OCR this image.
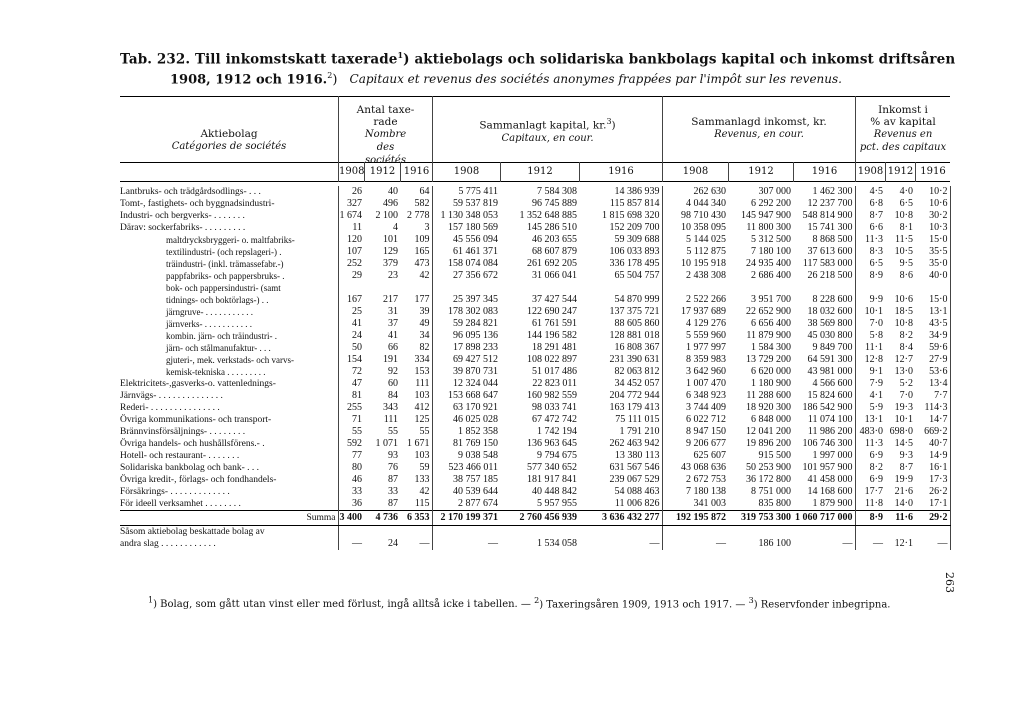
Tab. 232. Till inkomstskatt taxerade$^1$) aktiebolags och solidariska bankbolags kapital och inkomst driftsåren
1908, 1912 och 1916.$^2$) Capitaux et revenus des sociétés anonymes frappées par l'impôt sur les revenus.
Aktiebolag
Catégories de sociétés
Antal taxe-rade
Nombre des sociétés
Sammanlagt kapital, kr.$^3$)
Capitaux, en cour.
Sammanlagd inkomst, kr.
Revenus, en cour.
Inkomst i
% av kapital
Revenus en
pct. des capitaux
1908 1912 1916	1908	1912	1916	1908	1912	1916	1908 1912 1916
Lantbruks- och trädgårdsodlings- . . .	26	40	64	5 775 411	7 584 308	14 386 939	262 630	307 000	1 462 300	4·5	4·0	10·2
Tomt-, fastighets- och byggnadsindustri-	327	496	582	59 537 819	96 745 889	115 857 814	4 044 340	6 292 200	12 237 700	6·8	6·5	10·6
Industri- och bergverks- . . . . . . .	1 674	2 100	2 778	1 130 348 053	1 352 648 885	1 815 698 320	98 710 430	145 947 900	548 814 900	8·7	10·8	30·2
Därav: sockerfabriks- . . . . . . . . .	11	4	3	157 180 569	145 286 510	152 209 700	10 358 095	11 800 300	15 741 300	6·6	8·1	10·3
maltdrycksbryggeri- o. maltfabriks-	120	101	109	45 556 094	46 203 655	59 309 688	5 144 025	5 312 500	8 868 500	11·3	11·5	15·0
textilindustri- (och repslageri-) .	107	129	165	61 461 371	68 607 879	106 033 893	5 112 875	7 180 100	37 613 600	8·3	10·5	35·5
träindustri- (inkl. trämassefabr.-)	252	379	473	158 074 084	261 692 205	336 178 495	10 195 918	24 935 400	117 583 000	6·5	9·5	35·0
pappfabriks- och pappersbruks- .	29	23	42	27 356 672	31 066 041	65 504 757	2 438 308	2 686 400	26 218 500	8·9	8·6	40·0
bok- och pappersindustri- (samt												
tidnings- och boktörlags-) . .	167	217	177	25 397 345	37 427 544	54 870 999	2 522 266	3 951 700	8 228 600	9·9	10·6	15·0
järngruve- . . . . . . . . . . .	25	31	39	178 302 083	122 690 247	137 375 721	17 937 689	22 652 900	18 032 600	10·1	18·5	13·1
järnverks- . . . . . . . . . . .	41	37	49	59 284 821	61 761 591	88 605 860	4 129 276	6 656 400	38 569 800	7·0	10·8	43·5
kombin. järn- och träindustri- .	24	41	34	96 095 136	144 196 582	128 881 018	5 559 960	11 879 900	45 030 800	5·8	8·2	34·9
järn- och stålmanufaktur- . . .	50	66	82	17 898 233	18 291 481	16 808 367	1 977 997	1 584 300	9 849 700	11·1	8·4	59·6
gjuteri-, mek. verkstads- och varvs-	154	191	334	69 427 512	108 022 897	231 390 631	8 359 983	13 729 200	64 591 300	12·8	12·7	27·9
kemisk-tekniska . . . . . . . . .	72	92	153	39 870 731	51 017 486	82 063 812	3 642 960	6 620 000	43 981 000	9·1	13·0	53·6
Elektricitets-,gasverks-o. vattenlednings-	47	60	111	12 324 044	22 823 011	34 452 057	1 007 470	1 180 900	4 566 600	7·9	5·2	13·4
Järnvägs- . . . . . . . . . . . . . .	81	84	103	153 668 647	160 982 559	204 772 944	6 348 923	11 288 600	15 824 600	4·1	7·0	7·7
Rederi- . . . . . . . . . . . . . . .	255	343	412	63 170 921	98 033 741	163 179 413	3 744 409	18 920 300	186 542 900	5·9	19·3	114·3
Övriga kommunikations- och transport-	71	111	125	46 025 028	67 472 742	75 111 015	6 022 712	6 848 000	11 074 100	13·1	10·1	14·7
Brännvinsförsäljnings- . . . . . . . .	55	55	55	1 852 358	1 742 194	1 791 210	8 947 150	12 041 200	11 986 200	483·0	698·0	669·2
Övriga handels- och hushållsförens.- .	592	1 071	1 671	81 769 150	136 963 645	262 463 942	9 206 677	19 896 200	106 746 300	11·3	14·5	40·7
Hotell- och restaurant- . . . . . . .	77	93	103	9 038 548	9 794 675	13 380 113	625 607	915 500	1 997 000	6·9	9·3	14·9
Solidariska bankbolag och bank- . . .	80	76	59	523 466 011	577 340 652	631 567 546	43 068 636	50 253 900	101 957 900	8·2	8·7	16·1
Övriga kredit-, förlags- och fondhandels-	46	87	133	38 757 185	181 917 841	239 067 529	2 672 753	36 172 800	41 458 000	6·9	19·9	17·3
Försäkrings- . . . . . . . . . . . . .	33	33	42	40 539 644	40 448 842	54 088 463	7 180 138	8 751 000	14 168 600	17·7	21·6	26·2
För ideell verksamhet . . . . . . . .	36	87	115	2 877 674	5 957 955	11 006 826	341 003	835 800	1 879 900	11·8	14·0	17·1
Summa	3 400	4 736	6 353	2 170 199 371	2 760 456 939	3 636 432 277	192 195 872	319 753 300	1 060 717 000	8·9	11·6	29·2
Såsom aktiebolag beskattade bolag av												
andra slag . . . . . . . . . . . .	—	24	—	—	1 534 058	—	—	186 100	—	—	12·1	—
$^1$) Bolag, som gått utan vinst eller med förlust, ingå alltså icke i tabellen. — $^2$) Taxeringsåren 1909, 1913 och 1917. — $^3$) Reservfonder inbegripna.
263
